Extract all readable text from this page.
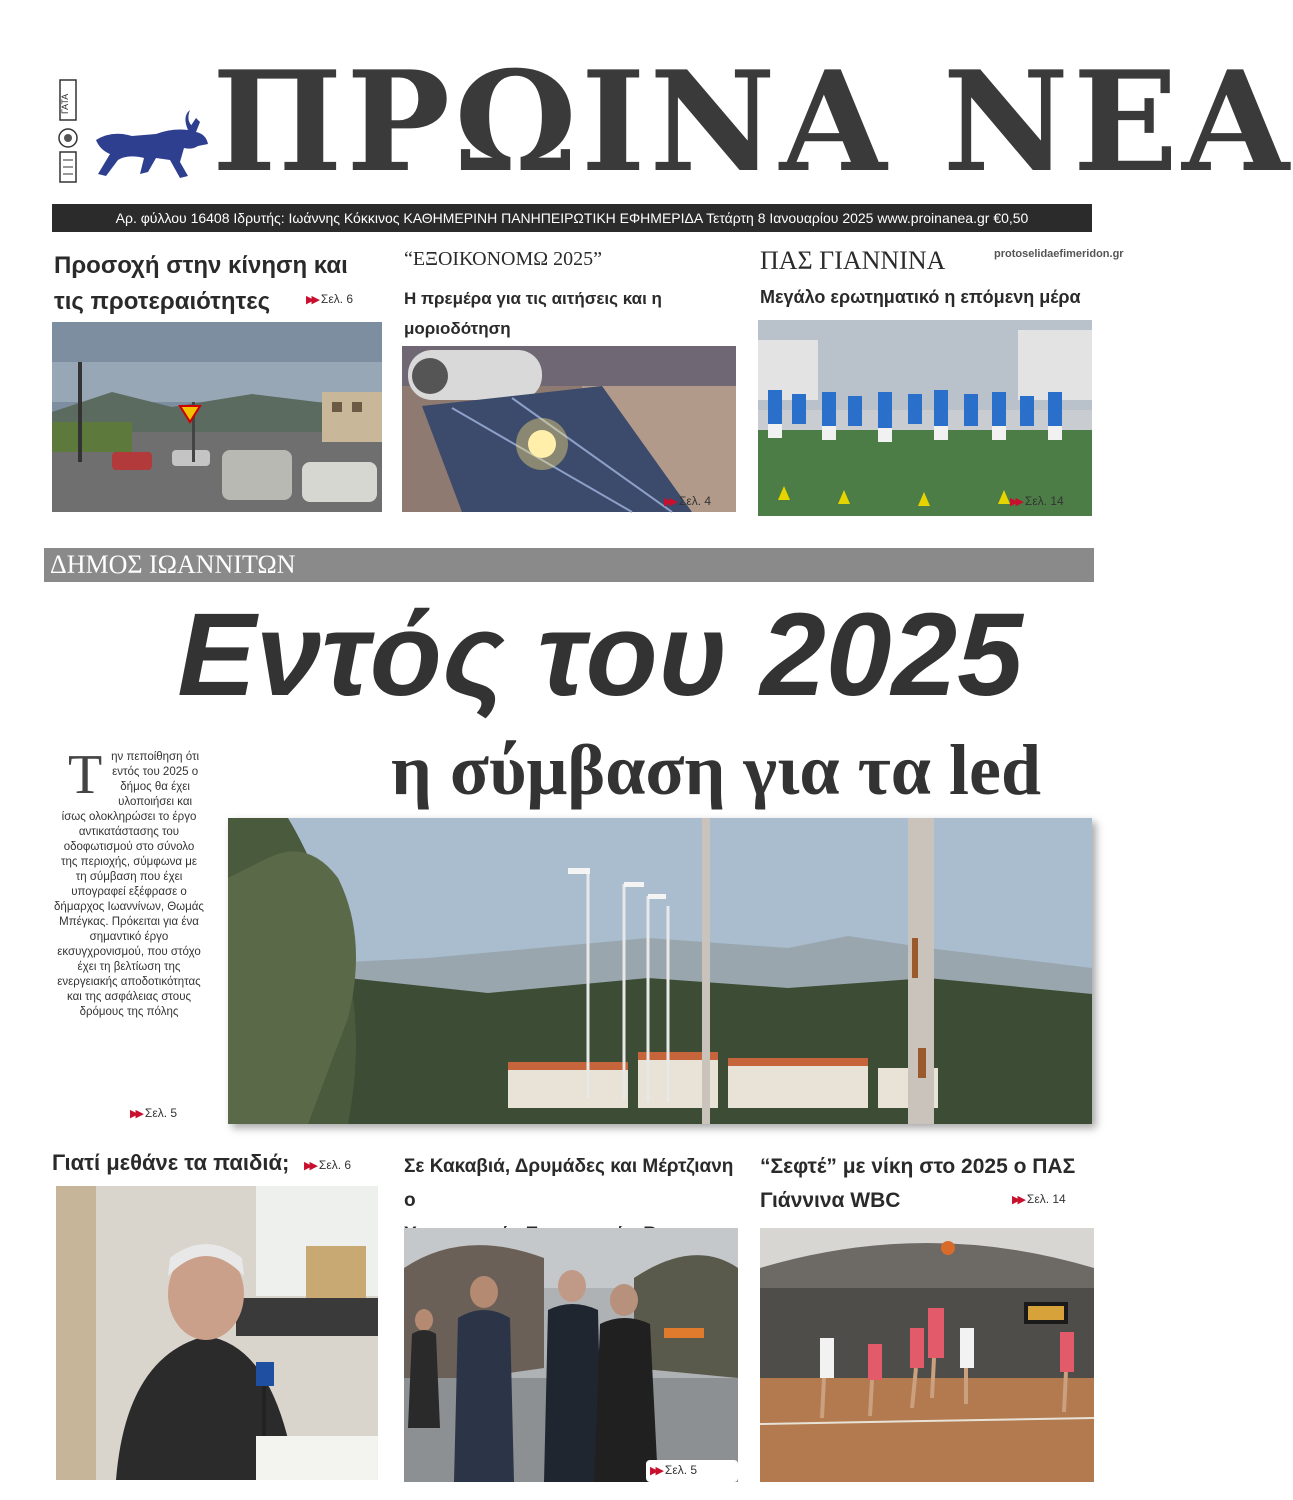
ΓΑΤΑ ΠΡΩΙΝΑ ΝΕΑ
Αρ. φύλλου 16408 Ιδρυτής: Ιωάννης Κόκκινος ΚΑΘΗΜΕΡΙΝΗ ΠΑΝΗΠΕΙΡΩΤΙΚΗ ΕΦΗΜΕΡΙΔΑ Τετάρτη 8 Ιανουαρίου 2025 www.proinanea.gr €0,50
protoselidaefimeridon.gr
Προσοχή στην κίνηση και
τις προτεραιότητες	▶▶ Σελ. 6
“ΕΞΟΙΚΟΝΟΜΩ 2025”
Η πρεμέρα για τις αιτήσεις και η μοριοδότηση
▶▶ Σελ. 4
ΠΑΣ ΓΙΑΝΝΙΝΑ
Μεγάλο ερωτηματικό η επόμενη μέρα
▶▶ Σελ. 14
ΔΗΜΟΣ ΙΩΑΝΝΙΤΩΝ
Εντός του 2025
η σύμβαση για τα led
Τ ην πεποίθηση ότι εντός του 2025 ο δήμος θα έχει υλοποιήσει και ίσως ολοκληρώσει το έργο αντικατάστασης του οδοφωτισμού στο σύνολο της περιοχής, σύμφωνα με τη σύμβαση που έχει υπογραφεί εξέφρασε ο δήμαρχος Ιωαννίνων, Θωμάς Μπέγκας. Πρόκειται για ένα σημαντικό έργο εκσυγχρονισμού, που στόχο έχει τη βελτίωση της ενεργειακής αποδοτικότητας και της ασφάλειας στους δρόμους της πόλης
▶▶ Σελ. 5
Γιατί μεθάνε τα παιδιά; ▶▶ Σελ. 6	Σε Κακαβιά, Δρυμάδες και Μέρτζιανη ο
▶▶ Σελ. 5
“Σεφτέ” με νίκη στο 2025 ο ΠΑΣ
Γιάννινα WBC	▶▶ Σελ. 14
